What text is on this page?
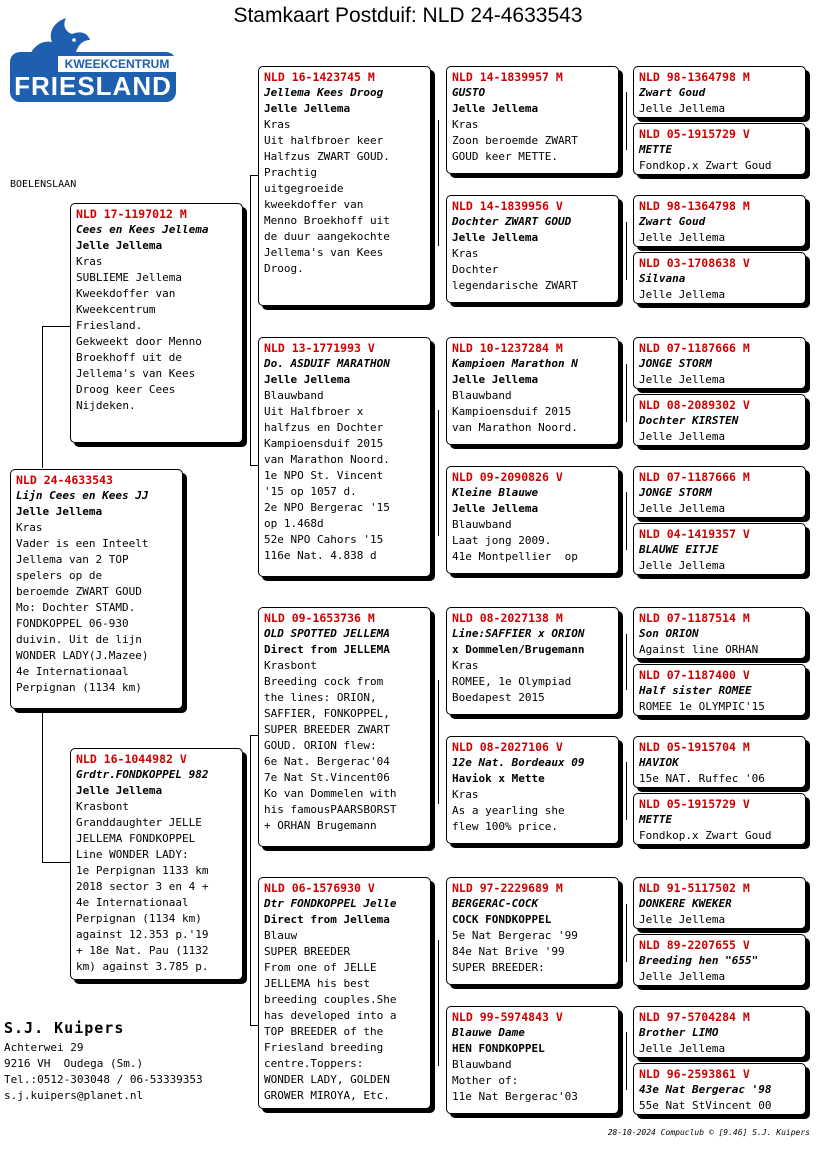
Stamkaart Postduif: NLD 24-4633543
KWEEKCENTRUM
FRIESLAND
BOELENSLAAN
NLD 24-4633543
Lijn Cees en Kees JJ
Jelle Jellema
Kras
Vader is een Inteelt
Jellema van 2 TOP
spelers op de
beroemde ZWART GOUD
Mo: Dochter STAMD.
FONDKOPPEL 06-930
duivin. Uit de lijn
WONDER LADY(J.Mazee)
4e Internationaal
Perpignan (1134 km)
NLD 17-1197012 M
Cees en Kees Jellema
Jelle Jellema
Kras
SUBLIEME Jellema
Kweekdoffer van
Kweekcentrum
Friesland.
Gekweekt door Menno
Broekhoff uit de
Jellema's van Kees
Droog keer Cees
Nijdeken.
NLD 16-1044982 V
Grdtr.FONDKOPPEL 982
Jelle Jellema
Krasbont
Granddaughter JELLE
JELLEMA FONDKOPPEL
Line WONDER LADY:
1e Perpignan 1133 km
2018 sector 3 en 4 +
4e Internationaal
Perpignan (1134 km)
against 12.353 p.'19
+ 18e Nat. Pau (1132
km) against 3.785 p.
NLD 16-1423745 M
Jellema Kees Droog
Jelle Jellema
Kras
Uit halfbroer keer
Halfzus ZWART GOUD.
Prachtig
uitgegroeide
kweekdoffer van
Menno Broekhoff uit
de duur aangekochte
Jellema's van Kees
Droog.
NLD 13-1771993 V
Do. ASDUIF MARATHON
Jelle Jellema
Blauwband
Uit Halfbroer x
halfzus en Dochter
Kampioensduif 2015
van Marathon Noord.
1e NPO St. Vincent
'15 op 1057 d.
2e NPO Bergerac '15
op 1.468d
52e NPO Cahors '15
116e Nat. 4.838 d
NLD 09-1653736 M
OLD SPOTTED JELLEMA
Direct from JELLEMA
Krasbont
Breeding cock from
the lines: ORION,
SAFFIER, FONKOPPEL,
SUPER BREEDER ZWART
GOUD. ORION flew:
6e Nat. Bergerac'04
7e Nat St.Vincent06
Ko van Dommelen with
his famousPAARSBORST
+ ORHAN Brugemann
NLD 06-1576930 V
Dtr FONDKOPPEL Jelle
Direct from Jellema
Blauw
SUPER BREEDER
From one of JELLE
JELLEMA his best
breeding couples.She
has developed into a
TOP BREEDER of the
Friesland breeding
centre.Toppers:
WONDER LADY, GOLDEN
GROWER MIROYA, Etc.
NLD 14-1839957 M
GUSTO
Jelle Jellema
Kras
Zoon beroemde ZWART
GOUD keer METTE.
NLD 14-1839956 V
Dochter ZWART GOUD
Jelle Jellema
Kras
Dochter
legendarische ZWART
NLD 10-1237284 M
Kampioen Marathon N
Jelle Jellema
Blauwband
Kampioensduif 2015
van Marathon Noord.
NLD 09-2090826 V
Kleine Blauwe
Jelle Jellema
Blauwband
Laat jong 2009.
41e Montpellier  op
NLD 08-2027138 M
Line:SAFFIER x ORION
x Dommelen/Brugemann
Kras
ROMEE, 1e Olympiad
Boedapest 2015
NLD 08-2027106 V
12e Nat. Bordeaux 09
Haviok x Mette
Kras
As a yearling she
flew 100% price.
NLD 97-2229689 M
BERGERAC-COCK
COCK FONDKOPPEL
5e Nat Bergerac '99
84e Nat Brive '99
SUPER BREEDER:
NLD 99-5974843 V
Blauwe Dame
HEN FONDKOPPEL
Blauwband
Mother of:
11e Nat Bergerac'03
NLD 98-1364798 M
Zwart Goud
Jelle Jellema
NLD 05-1915729 V
METTE
Fondkop.x Zwart Goud
NLD 98-1364798 M
Zwart Goud
Jelle Jellema
NLD 03-1708638 V
Silvana
Jelle Jellema
NLD 07-1187666 M
JONGE STORM
Jelle Jellema
NLD 08-2089302 V
Dochter KIRSTEN
Jelle Jellema
NLD 07-1187666 M
JONGE STORM
Jelle Jellema
NLD 04-1419357 V
BLAUWE EITJE
Jelle Jellema
NLD 07-1187514 M
Son ORION
Against line ORHAN
NLD 07-1187400 V
Half sister ROMEE
ROMEE 1e OLYMPIC'15
NLD 05-1915704 M
HAVIOK
15e NAT. Ruffec '06
NLD 05-1915729 V
METTE
Fondkop.x Zwart Goud
NLD 91-5117502 M
DONKERE KWEKER
Jelle Jellema
NLD 89-2207655 V
Breeding hen "655"
Jelle Jellema
NLD 97-5704284 M
Brother LIMO
Jelle Jellema
NLD 96-2593861 V
43e Nat Bergerac '98
55e Nat StVincent 00
S.J. Kuipers
Achterwei 29
9216 VH  Oudega (Sm.)
Tel.:0512-303048 / 06-53339353
s.j.kuipers@planet.nl
28-10-2024 Compuclub © [9.46] S.J. Kuipers
